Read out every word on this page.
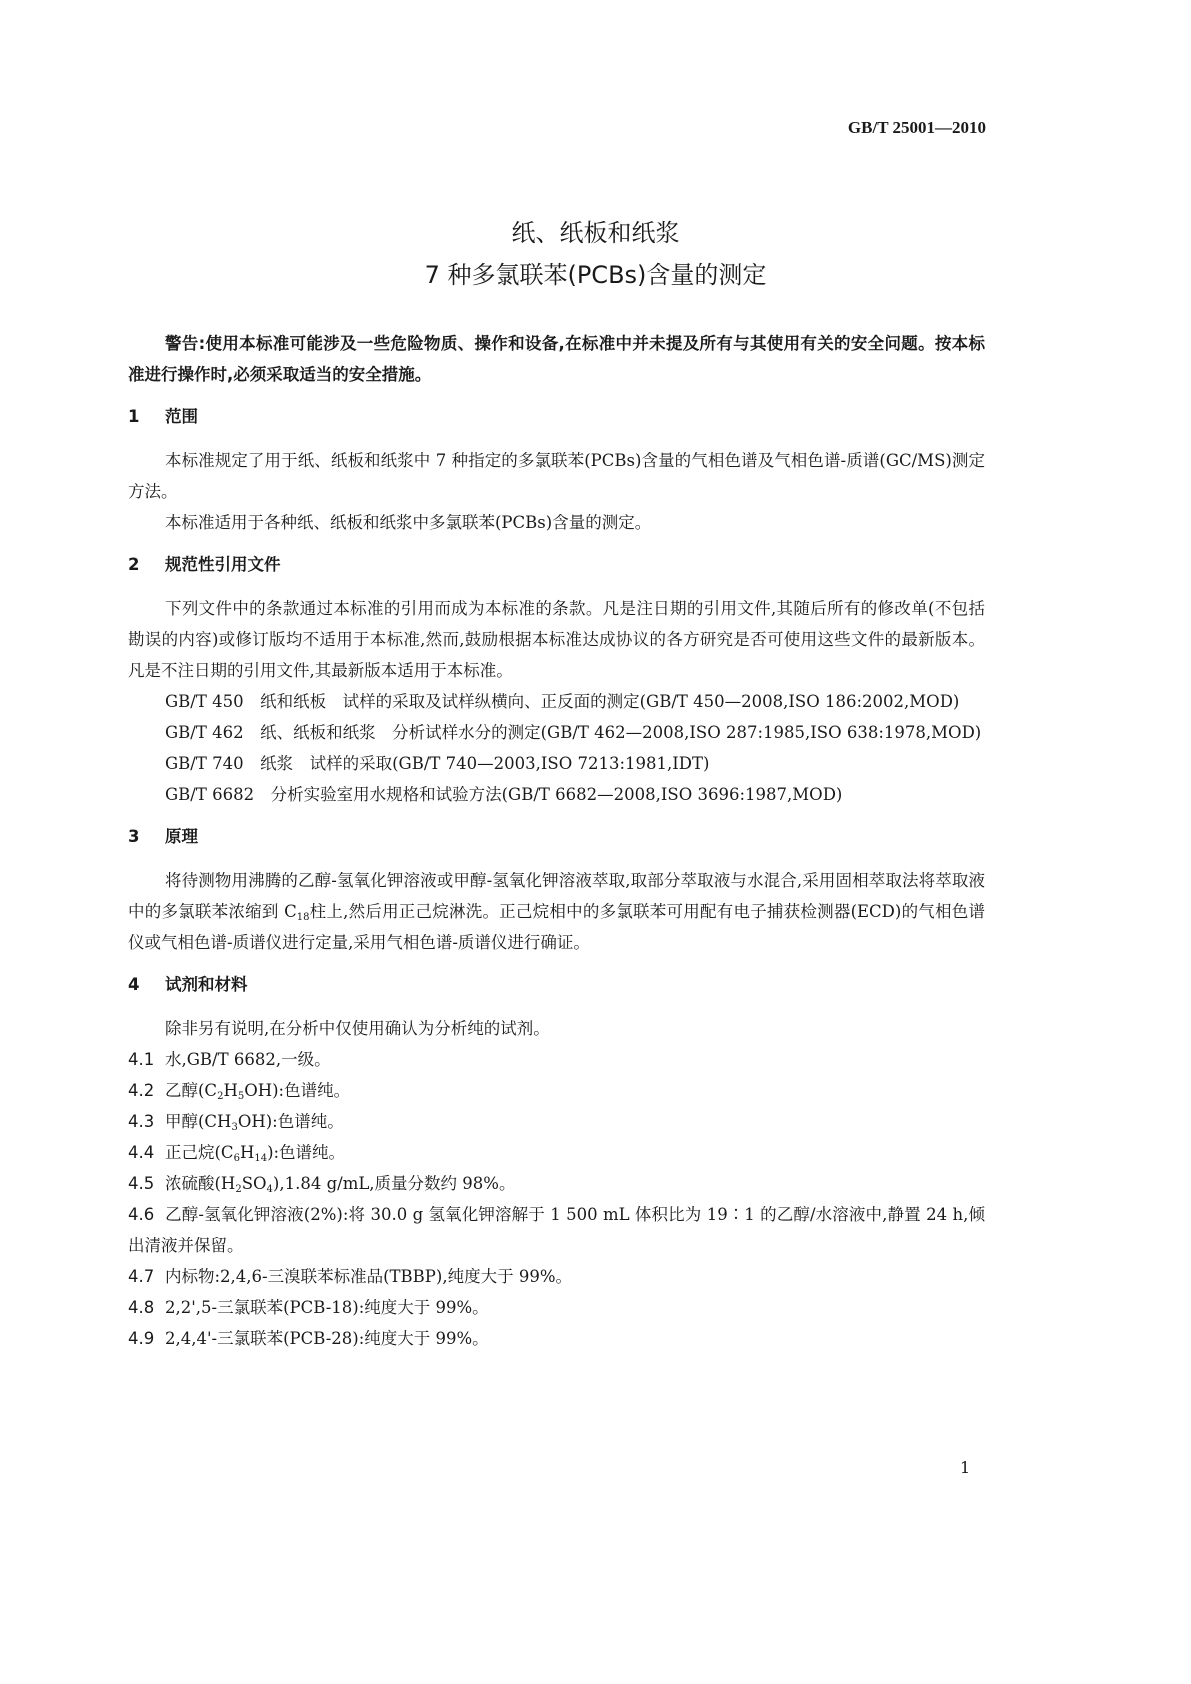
GB/T 25001—2010
纸、纸板和纸浆
7 种多氯联苯(PCBs)含量的测定

警告:使用本标准可能涉及一些危险物质、操作和设备,在标准中并未提及所有与其使用有关的安全问题。按本标准进行操作时,必须采取适当的安全措施。

1 范围

本标准规定了用于纸、纸板和纸浆中 7 种指定的多氯联苯(PCBs)含量的气相色谱及气相色谱-质谱(GC/MS)测定方法。

本标准适用于各种纸、纸板和纸浆中多氯联苯(PCBs)含量的测定。

2 规范性引用文件

下列文件中的条款通过本标准的引用而成为本标准的条款。凡是注日期的引用文件,其随后所有的修改单(不包括勘误的内容)或修订版均不适用于本标准,然而,鼓励根据本标准达成协议的各方研究是否可使用这些文件的最新版本。凡是不注日期的引用文件,其最新版本适用于本标准。

GB/T 450　纸和纸板　试样的采取及试样纵横向、正反面的测定(GB/T 450—2008,ISO 186:2002,MOD)

GB/T 462　纸、纸板和纸浆　分析试样水分的测定(GB/T 462—2008,ISO 287:1985,ISO 638:1978,MOD)

GB/T 740　纸浆　试样的采取(GB/T 740—2003,ISO 7213:1981,IDT)

GB/T 6682　分析实验室用水规格和试验方法(GB/T 6682—2008,ISO 3696:1987,MOD)

3 原理

将待测物用沸腾的乙醇-氢氧化钾溶液或甲醇-氢氧化钾溶液萃取,取部分萃取液与水混合,采用固相萃取法将萃取液中的多氯联苯浓缩到 $C_{18}$柱上,然后用正己烷淋洗。正己烷相中的多氯联苯可用配有电子捕获检测器(ECD)的气相色谱仪或气相色谱-质谱仪进行定量,采用气相色谱-质谱仪进行确证。

4 试剂和材料

除非另有说明,在分析中仅使用确认为分析纯的试剂。

4.1 水,GB/T 6682,一级。

4.2 乙醇$(C_2H_5OH)$:色谱纯。

4.3 甲醇$(CH_3OH)$:色谱纯。

4.4 正己烷$(C_6H_{14})$:色谱纯。

4.5 浓硫酸$(H_2SO_4),1.84$ g/mL,质量分数约 98%。

4.6 乙醇-氢氧化钾溶液(2%):将 30.0 g 氢氧化钾溶解于 1 500 mL 体积比为 19∶1 的乙醇/水溶液中,静置 24 h,倾出清液并保留。

4.7 内标物:2,4,6-三溴联苯标准品(TBBP),纯度大于 99%。

4.8 2,2',5-三氯联苯(PCB-18):纯度大于 99%。

4.9 2,4,4'-三氯联苯(PCB-28):纯度大于 99%。

1
